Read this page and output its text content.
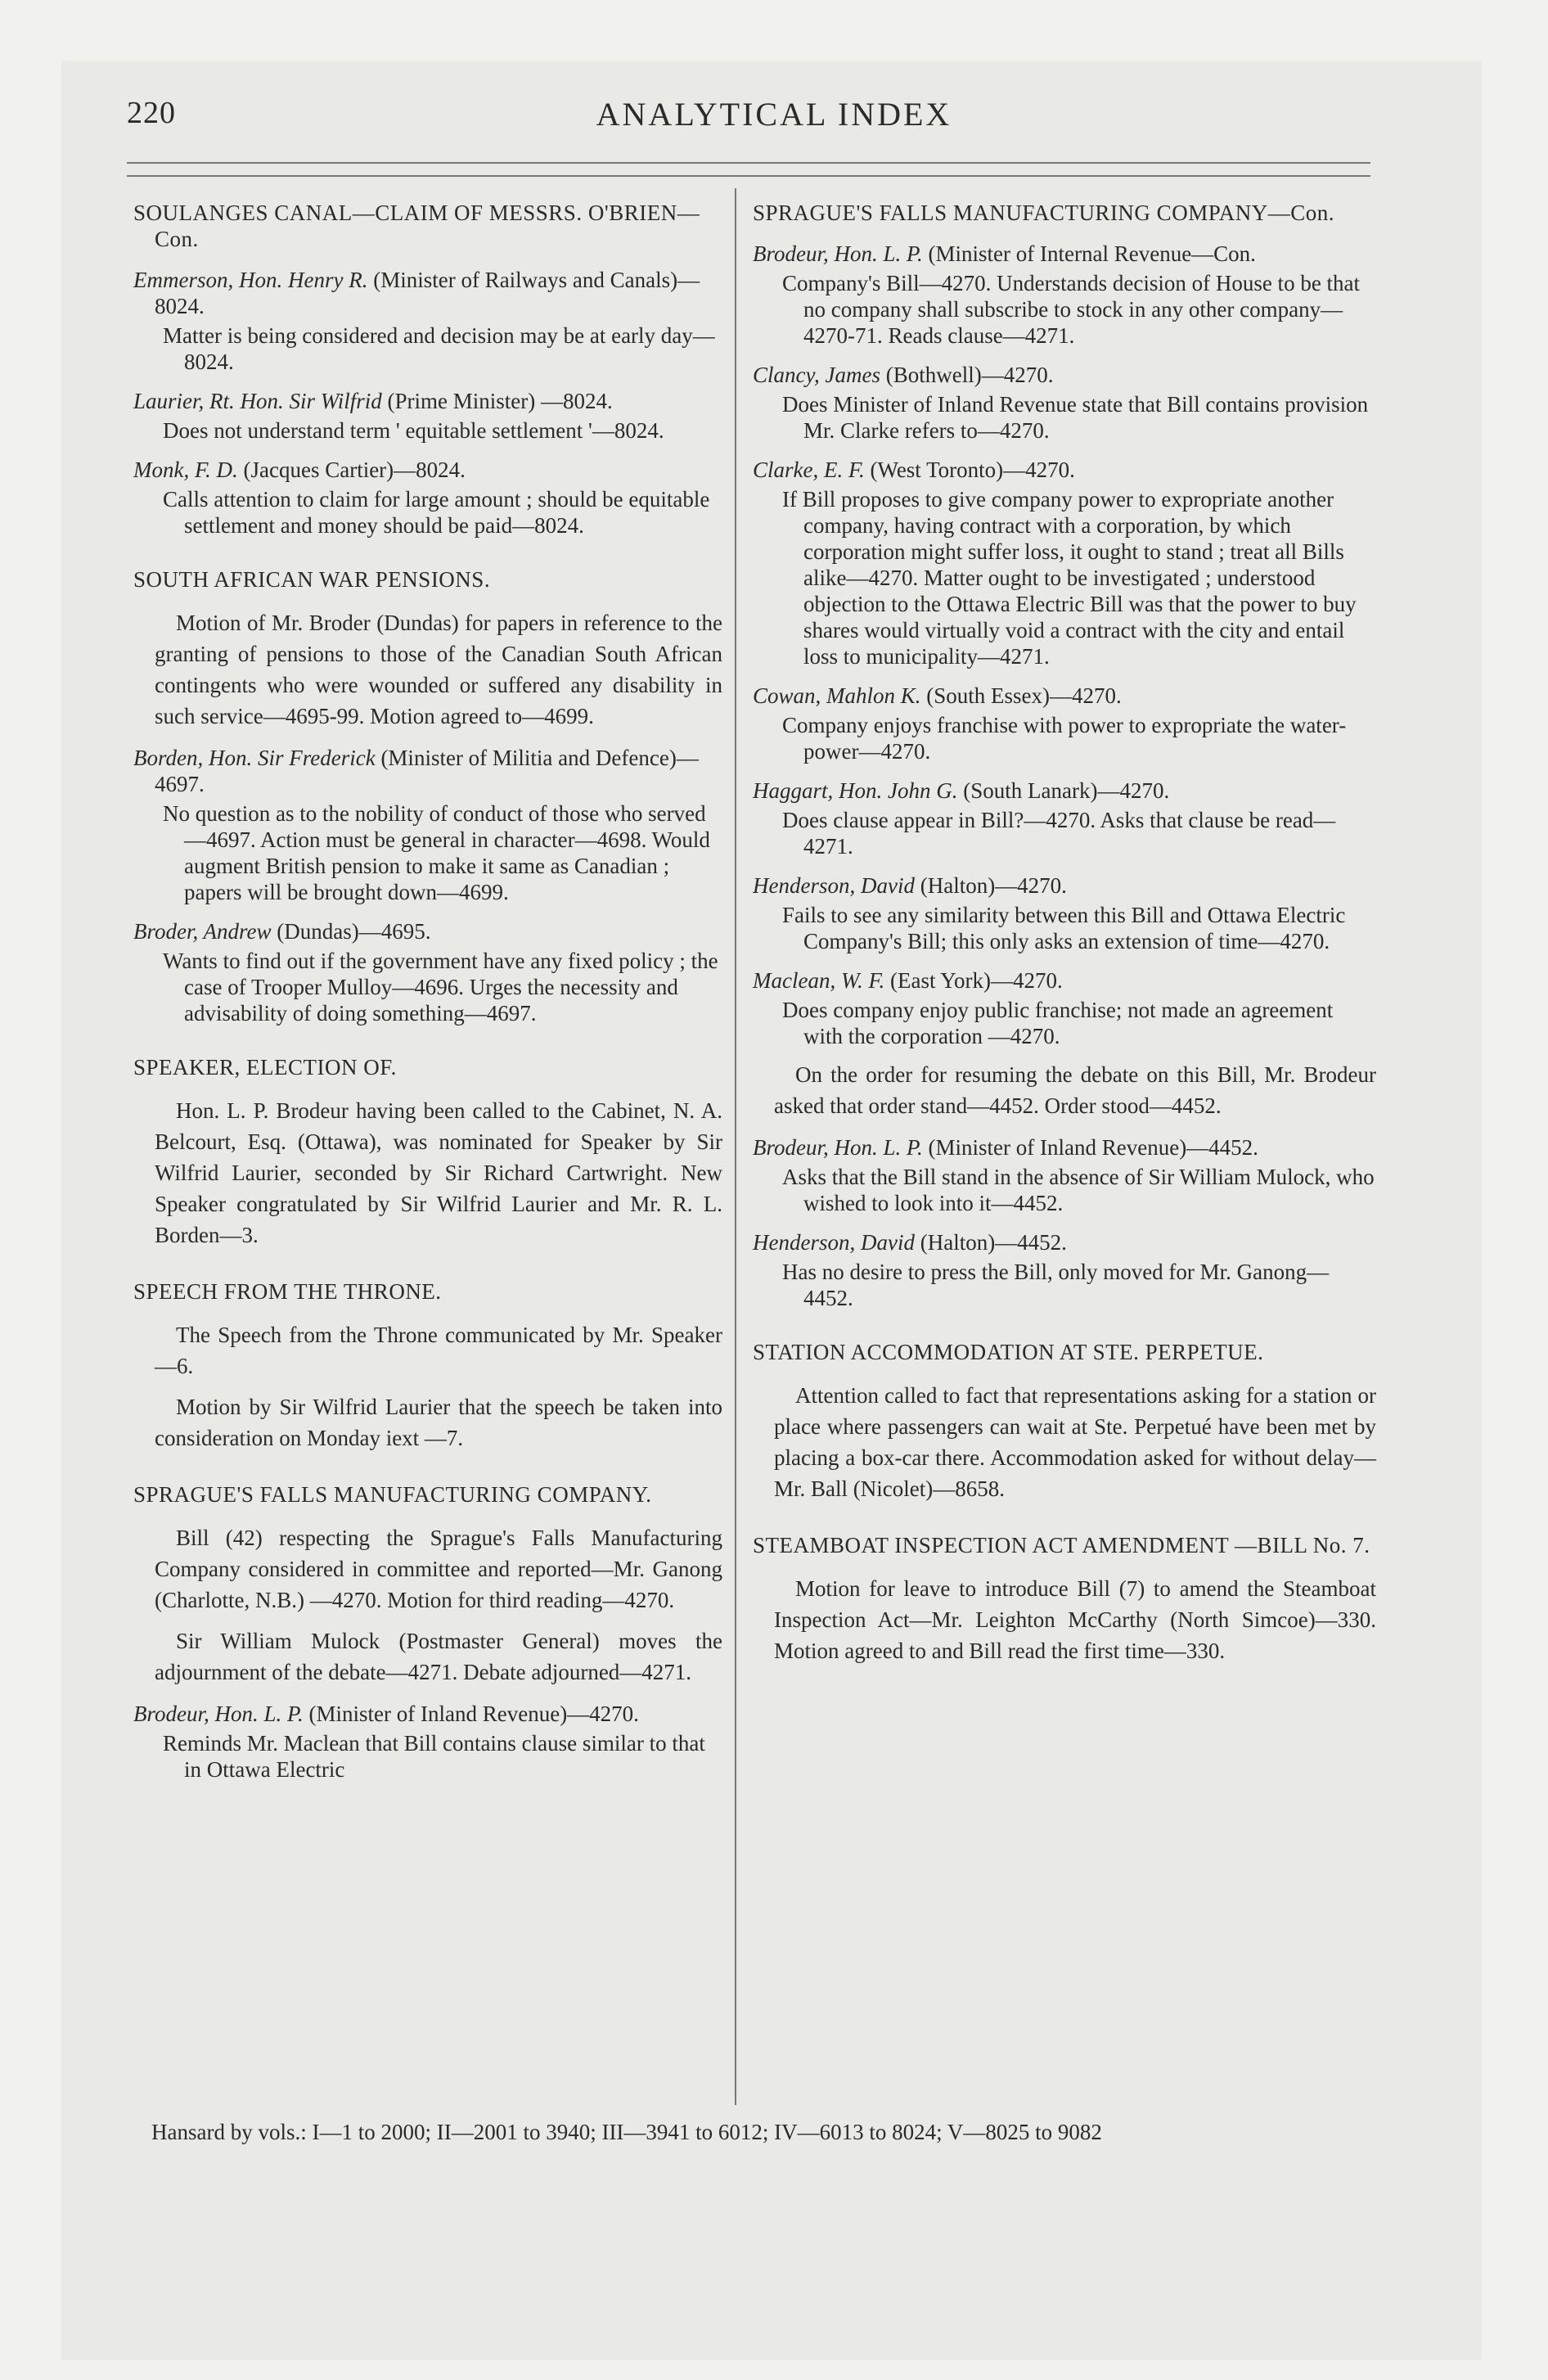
220	ANALYTICAL INDEX

SOULANGES CANAL—CLAIM OF MESSRS. O'BRIEN—Con.

Emmerson, Hon. Henry R. (Minister of Railways and Canals)—8024.

Matter is being considered and decision may be at early day—8024.

Laurier, Rt. Hon. Sir Wilfrid (Prime Minister) —8024.

Does not understand term ' equitable settlement '—8024.

Monk, F. D. (Jacques Cartier)—8024.

Calls attention to claim for large amount ; should be equitable settlement and money should be paid—8024.

SOUTH AFRICAN WAR PENSIONS.

Motion of Mr. Broder (Dundas) for papers in reference to the granting of pensions to those of the Canadian South African contingents who were wounded or suffered any disability in such service—4695-99. Motion agreed to—4699.

Borden, Hon. Sir Frederick (Minister of Militia and Defence)—4697.

No question as to the nobility of conduct of those who served—4697. Action must be general in character—4698. Would augment British pension to make it same as Canadian ; papers will be brought down—4699.

Broder, Andrew (Dundas)—4695.

Wants to find out if the government have any fixed policy ; the case of Trooper Mulloy—4696. Urges the necessity and advisability of doing something—4697.

SPEAKER, ELECTION OF.

Hon. L. P. Brodeur having been called to the Cabinet, N. A. Belcourt, Esq. (Ottawa), was nominated for Speaker by Sir Wilfrid Laurier, seconded by Sir Richard Cartwright. New Speaker congratulated by Sir Wilfrid Laurier and Mr. R. L. Borden—3.

SPEECH FROM THE THRONE.

The Speech from the Throne communicated by Mr. Speaker—6.

Motion by Sir Wilfrid Laurier that the speech be taken into consideration on Monday iext —7.

SPRAGUE'S FALLS MANUFACTURING COMPANY.

Bill (42) respecting the Sprague's Falls Manufacturing Company considered in committee and reported—Mr. Ganong (Charlotte, N.B.) —4270. Motion for third reading—4270.

Sir William Mulock (Postmaster General) moves the adjournment of the debate—4271. Debate adjourned—4271.

Brodeur, Hon. L. P. (Minister of Inland Revenue)—4270.

Reminds Mr. Maclean that Bill contains clause similar to that in Ottawa Electric

SPRAGUE'S FALLS MANUFACTURING COMPANY—Con.

Brodeur, Hon. L. P. (Minister of Internal Revenue—Con.

Company's Bill—4270. Understands decision of House to be that no company shall subscribe to stock in any other company—4270-71. Reads clause—4271.

Clancy, James (Bothwell)—4270.

Does Minister of Inland Revenue state that Bill contains provision Mr. Clarke refers to—4270.

Clarke, E. F. (West Toronto)—4270.

If Bill proposes to give company power to expropriate another company, having contract with a corporation, by which corporation might suffer loss, it ought to stand ; treat all Bills alike—4270. Matter ought to be investigated ; understood objection to the Ottawa Electric Bill was that the power to buy shares would virtually void a contract with the city and entail loss to municipality—4271.

Cowan, Mahlon K. (South Essex)—4270.

Company enjoys franchise with power to expropriate the water-power—4270.

Haggart, Hon. John G. (South Lanark)—4270.

Does clause appear in Bill?—4270. Asks that clause be read—4271.

Henderson, David (Halton)—4270.

Fails to see any similarity between this Bill and Ottawa Electric Company's Bill; this only asks an extension of time—4270.

Maclean, W. F. (East York)—4270.

Does company enjoy public franchise; not made an agreement with the corporation —4270.

On the order for resuming the debate on this Bill, Mr. Brodeur asked that order stand—4452. Order stood—4452.

Brodeur, Hon. L. P. (Minister of Inland Revenue)—4452.

Asks that the Bill stand in the absence of Sir William Mulock, who wished to look into it—4452.

Henderson, David (Halton)—4452.

Has no desire to press the Bill, only moved for Mr. Ganong—4452.

STATION ACCOMMODATION AT STE. PERPETUE.

Attention called to fact that representations asking for a station or place where passengers can wait at Ste. Perpetué have been met by placing a box-car there. Accommodation asked for without delay—Mr. Ball (Nicolet)—8658.

STEAMBOAT INSPECTION ACT AMENDMENT —BILL No. 7.

Motion for leave to introduce Bill (7) to amend the Steamboat Inspection Act—Mr. Leighton McCarthy (North Simcoe)—330. Motion agreed to and Bill read the first time—330.

Hansard by vols.: I—1 to 2000; II—2001 to 3940; III—3941 to 6012; IV—6013 to 8024; V—8025 to 9082
